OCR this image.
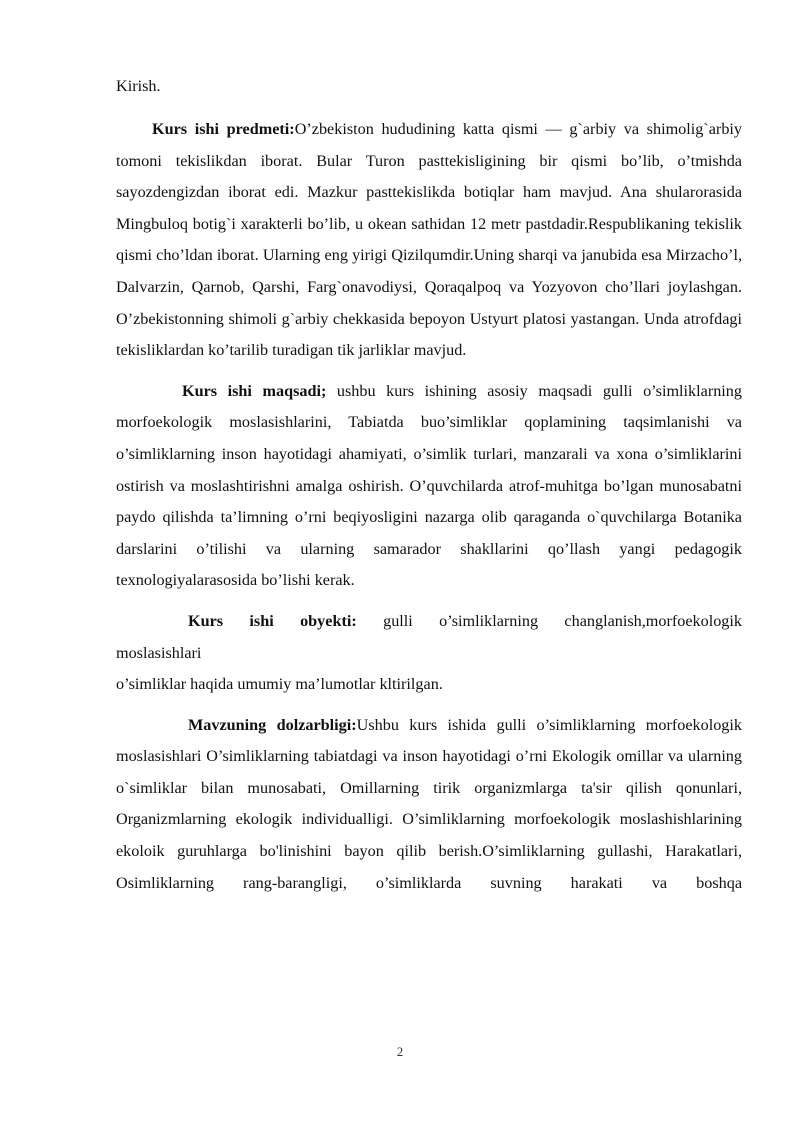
Kirish.

Kurs ishi predmeti:O’zbekiston hududining katta qismi — g`arbiy va shimolig`arbiy tomoni tekislikdan iborat. Bular Turon pasttekisligining bir qismi bo’lib, o’tmishda sayozdengizdan iborat edi. Mazkur pasttekislikda botiqlar ham mavjud. Ana shularorasida Mingbuloq botig`i xarakterli bo’lib, u okean sathidan 12 metr pastdadir.Respublikaning tekislik qismi cho’ldan iborat. Ularning eng yirigi Qizilqumdir.Uning sharqi va janubida esa Mirzacho’l, Dalvarzin, Qarnob, Qarshi, Farg`onavodiysi, Qoraqalpoq va Yozyovon cho’llari joylashgan. O’zbekistonning shimoli g`arbiy chekkasida bepoyon Ustyurt platosi yastangan. Unda atrofdagi tekisliklardan ko’tarilib turadigan tik jarliklar mavjud.

Kurs ishi maqsadi; ushbu kurs ishining asosiy maqsadi gulli o’simliklarning morfoekologik moslasishlarini, Tabiatda buo’simliklar qoplamining taqsimlanishi va o’simliklarning inson hayotidagi ahamiyati, o’simlik turlari, manzarali va xona o’simliklarini ostirish va moslashtirishni amalga oshirish. O’quvchilarda atrof-muhitga bo’lgan munosabatni paydo qilishda ta’limning o’rni beqiyosligini nazarga olib qaraganda o`quvchilarga Botanika darslarini o’tilishi va ularning samarador shakllarini qo’llash yangi pedagogik texnologiyalarasosida bo’lishi kerak.

Kurs ishi obyekti: gulli o’simliklarning changlanish,morfoekologik

moslasishlari

o’simliklar haqida umumiy ma’lumotlar kltirilgan.

Mavzuning dolzarbligi:Ushbu kurs ishida gulli o’simliklarning morfoekologik moslasishlari O’simliklarning tabiatdagi va inson hayotidagi o’rni Ekologik omillar va ularning o`simliklar bilan munosabati, Omillarning tirik organizmlarga ta'sir qilish qonunlari, Organizmlarning ekologik individualligi. O’simliklarning morfoekologik moslashishlarining ekoloik guruhlarga bo'linishini bayon qilib berish.O’simliklarning gullashi, Harakatlari, Osimliklarning rang-barangligi, o’simliklarda suvning harakati va boshqa

2
